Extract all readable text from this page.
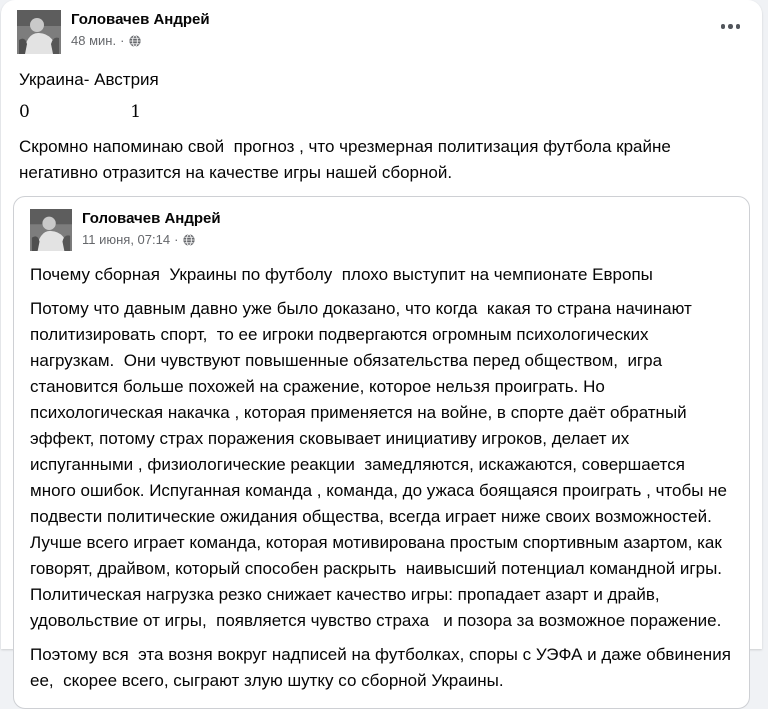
Головачев Андрей
48 мин. ·
Украина- Австрия
0	1
Скромно напоминаю свой  прогноз , что чрезмерная политизация футбола крайне негативно отразится на качестве игры нашей сборной.
Головачев Андрей
11 июня, 07:14 ·

Почему сборная  Украины по футболу  плохо выступит на чемпионате Европы

Потому что давным давно уже было доказано, что когда  какая то страна начинают политизировать спорт,  то ее игроки подвергаются огромным психологических нагрузкам.  Они чувствуют повышенные обязательства перед обществом,  игра становится больше похожей на сражение, которое нельзя проиграть. Но психологическая накачка , которая применяется на войне, в спорте даёт обратный эффект, потому страх поражения сковывает инициативу игроков, делает их испуганными , физиологические реакции  замедляются, искажаются, совершается много ошибок. Испуганная команда , команда, до ужаса боящаяся проиграть , чтобы не подвести политические ожидания общества, всегда играет ниже своих возможностей. Лучше всего играет команда, которая мотивирована простым спортивным азартом, как говорят, драйвом, который способен раскрыть  наивысший потенциал командной игры. Политическая нагрузка резко снижает качество игры: пропадает азарт и драйв, удовольствие от игры,  появляется чувство страха   и позора за возможное поражение.

Поэтому вся  эта возня вокруг надписей на футболках, споры с УЭФА и даже обвинения ее,  скорее всего, сыграют злую шутку со сборной Украины.
